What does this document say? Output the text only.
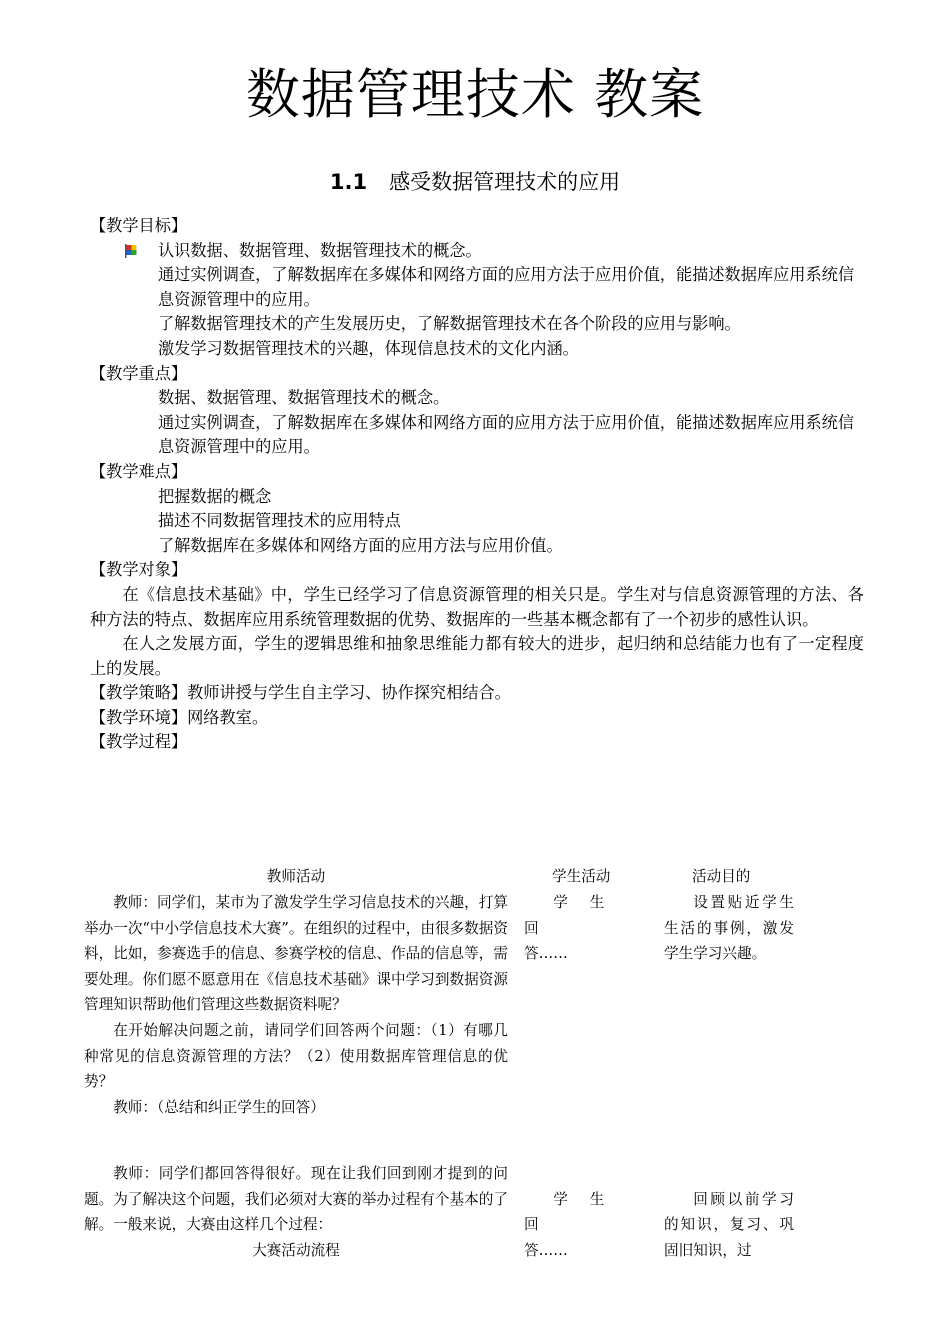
数据管理技术 教案
1.1 感受数据管理技术的应用

【教学目标】

认识数据、数据管理、数据管理技术的概念。

通过实例调查，了解数据库在多媒体和网络方面的应用方法于应用价值，能描述数据库应用系统信息资源管理中的应用。

了解数据管理技术的产生发展历史，了解数据管理技术在各个阶段的应用与影响。

激发学习数据管理技术的兴趣，体现信息技术的文化内涵。

【教学重点】

数据、数据管理、数据管理技术的概念。

通过实例调查，了解数据库在多媒体和网络方面的应用方法于应用价值，能描述数据库应用系统信息资源管理中的应用。

【教学难点】

把握数据的概念

描述不同数据管理技术的应用特点

了解数据库在多媒体和网络方面的应用方法与应用价值。

【教学对象】

在《信息技术基础》中，学生已经学习了信息资源管理的相关只是。学生对与信息资源管理的方法、各种方法的特点、数据库应用系统管理数据的优势、数据库的一些基本概念都有了一个初步的感性认识。

在人之发展方面，学生的逻辑思维和抽象思维能力都有较大的进步，起归纳和总结能力也有了一定程度上的发展。

【教学策略】教师讲授与学生自主学习、协作探究相结合。

【教学环境】网络教室。

【教学过程】

教师活动	学生活动	活动目的

教师：同学们，某市为了激发学生学习信息技术的兴趣，打算举办一次“中小学信息技术大赛”。在组织的过程中，由很多数据资料，比如，参赛选手的信息、参赛学校的信息、作品的信息等，需要处理。你们愿不愿意用在《信息技术基础》课中学习到数据资源管理知识帮助他们管理这些数据资料呢？

在开始解决问题之前，请同学们回答两个问题：（1）有哪几种常见的信息资源管理的方法？（2）使用数据库管理信息的优势？

教师：（总结和纠正学生的回答）

学生回

答……

设置贴近学生生活的事例，激发学生学习兴趣。

教师：同学们都回答得很好。现在让我们回到刚才提到的问题。为了解决这个问题，我们必须对大赛的举办过程有个基本的了解。一般来说，大赛由这样几个过程：

大赛活动流程

学生回

答……

回顾以前学习的知识，复习、巩固旧知识，过
